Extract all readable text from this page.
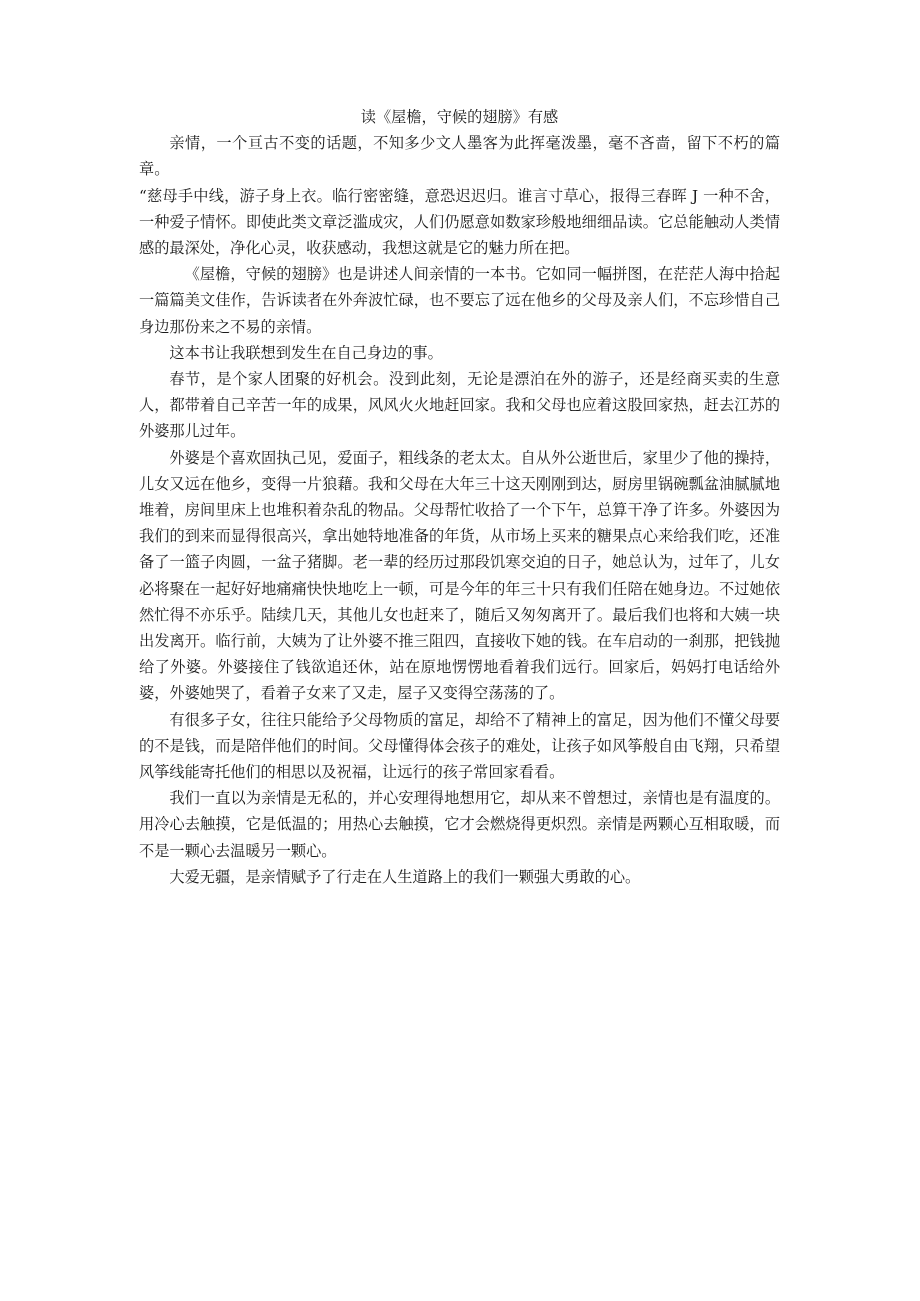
读《屋檐，守候的翅膀》有感

亲情，一个亘古不变的话题，不知多少文人墨客为此挥毫泼墨，毫不吝啬，留下不朽的篇章。

“慈母手中线，游子身上衣。临行密密缝，意恐迟迟归。谁言寸草心，报得三春晖 J 一种不舍，一种爱子情怀。即使此类文章泛滥成灾，人们仍愿意如数家珍般地细细品读。它总能触动人类情感的最深处，净化心灵，收获感动，我想这就是它的魅力所在把。

《屋檐，守候的翅膀》也是讲述人间亲情的一本书。它如同一幅拼图，在茫茫人海中拾起一篇篇美文佳作，告诉读者在外奔波忙碌，也不要忘了远在他乡的父母及亲人们，不忘珍惜自己身边那份来之不易的亲情。

这本书让我联想到发生在自己身边的事。

春节，是个家人团聚的好机会。没到此刻，无论是漂泊在外的游子，还是经商买卖的生意人，都带着自己辛苦一年的成果，风风火火地赶回家。我和父母也应着这股回家热，赶去江苏的外婆那儿过年。

外婆是个喜欢固执己见，爱面子，粗线条的老太太。自从外公逝世后，家里少了他的操持，儿女又远在他乡，变得一片狼藉。我和父母在大年三十这天刚刚到达，厨房里锅碗瓢盆油腻腻地堆着，房间里床上也堆积着杂乱的物品。父母帮忙收拾了一个下午，总算干净了许多。外婆因为我们的到来而显得很高兴，拿出她特地准备的年货，从市场上买来的糖果点心来给我们吃，还准备了一篮子肉圆，一盆子猪脚。老一辈的经历过那段饥寒交迫的日子，她总认为，过年了，儿女必将聚在一起好好地痛痛快快地吃上一顿，可是今年的年三十只有我们任陪在她身边。不过她依然忙得不亦乐乎。陆续几天，其他儿女也赶来了，随后又匆匆离开了。最后我们也将和大姨一块出发离开。临行前，大姨为了让外婆不推三阻四，直接收下她的钱。在车启动的一刹那，把钱抛给了外婆。外婆接住了钱欲追还休，站在原地愣愣地看着我们远行。回家后，妈妈打电话给外婆，外婆她哭了，看着子女来了又走，屋子又变得空荡荡的了。

有很多子女，往往只能给予父母物质的富足，却给不了精神上的富足，因为他们不懂父母要的不是钱，而是陪伴他们的时间。父母懂得体会孩子的难处，让孩子如风筝般自由飞翔，只希望风筝线能寄托他们的相思以及祝福，让远行的孩子常回家看看。

我们一直以为亲情是无私的，并心安理得地想用它，却从来不曾想过，亲情也是有温度的。用冷心去触摸，它是低温的；用热心去触摸，它才会燃烧得更炽烈。亲情是两颗心互相取暖，而不是一颗心去温暖另一颗心。

大爱无疆，是亲情赋予了行走在人生道路上的我们一颗强大勇敢的心。
